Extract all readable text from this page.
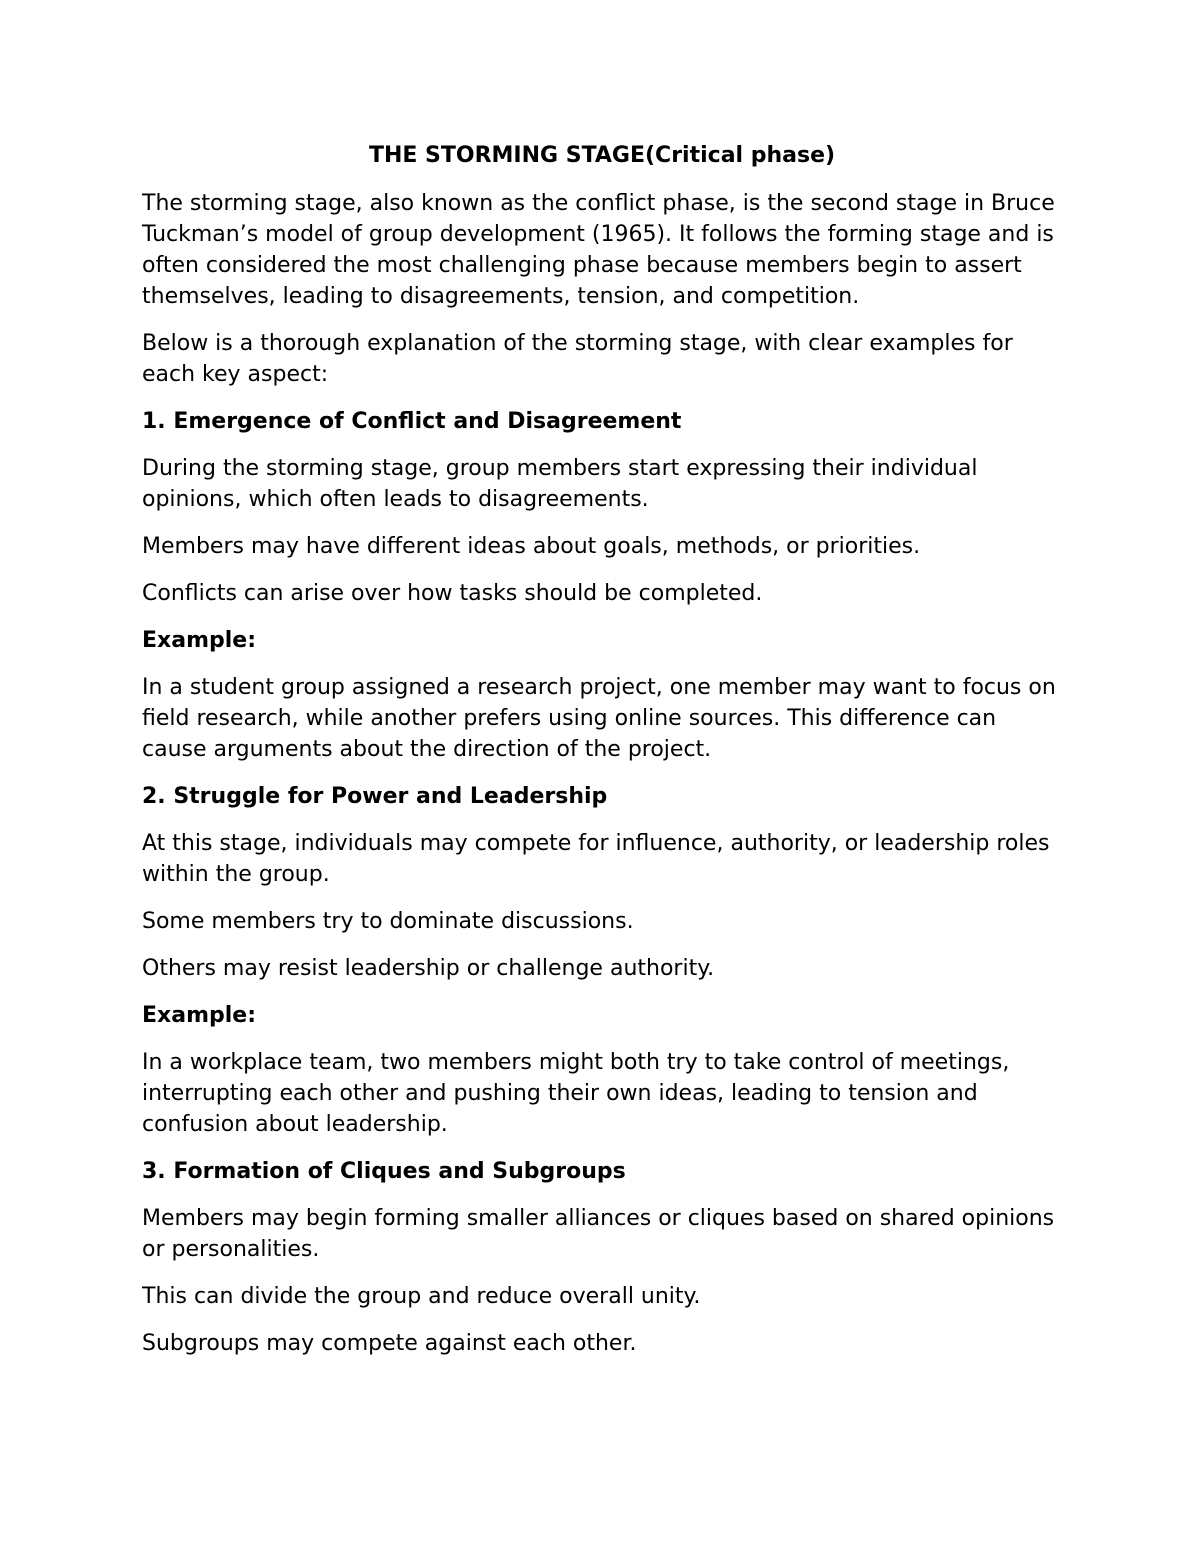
THE STORMING STAGE(Critical phase)

The storming stage, also known as the conflict phase, is the second stage in Bruce Tuckman’s model of group development (1965). It follows the forming stage and is often considered the most challenging phase because members begin to assert themselves, leading to disagreements, tension, and competition.

Below is a thorough explanation of the storming stage, with clear examples for each key aspect:

1. Emergence of Conflict and Disagreement

During the storming stage, group members start expressing their individual opinions, which often leads to disagreements.

Members may have different ideas about goals, methods, or priorities.

Conflicts can arise over how tasks should be completed.

Example:

In a student group assigned a research project, one member may want to focus on field research, while another prefers using online sources. This difference can cause arguments about the direction of the project.

2. Struggle for Power and Leadership

At this stage, individuals may compete for influence, authority, or leadership roles within the group.

Some members try to dominate discussions.

Others may resist leadership or challenge authority.

Example:

In a workplace team, two members might both try to take control of meetings, interrupting each other and pushing their own ideas, leading to tension and confusion about leadership.

3. Formation of Cliques and Subgroups

Members may begin forming smaller alliances or cliques based on shared opinions or personalities.

This can divide the group and reduce overall unity.

Subgroups may compete against each other.
